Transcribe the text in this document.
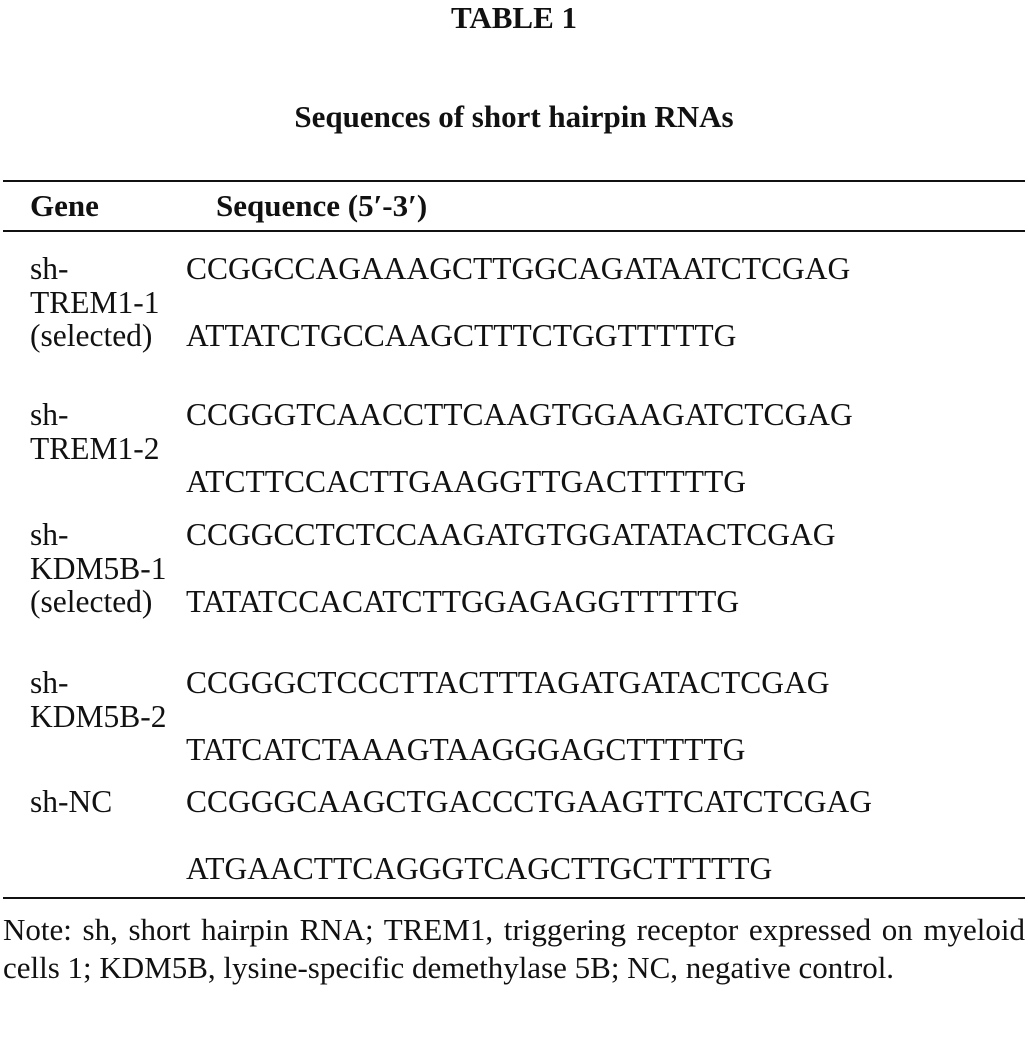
TABLE 1
Sequences of short hairpin RNAs
Gene	Sequence (5′-3′)
sh-
TREM1-1
(selected)
CCGGCCAGAAAGCTTGGCAGATAATCTCGAG
ATTATCTGCCAAGCTTTCTGGTTTTTG
sh-
TREM1-2
CCGGGTCAACCTTCAAGTGGAAGATCTCGAG
ATCTTCCACTTGAAGGTTGACTTTTTG
sh-
KDM5B-1
(selected)
CCGGCCTCTCCAAGATGTGGATATACTCGAG
TATATCCACATCTTGGAGAGGTTTTTG
sh-
KDM5B-2
CCGGGCTCCCTTACTTTAGATGATACTCGAG
TATCATCTAAAGTAAGGGAGCTTTTTG
sh-NC	CCGGGCAAGCTGACCCTGAAGTTCATCTCGAG
ATGAACTTCAGGGTCAGCTTGCTTTTTG
Note: sh, short hairpin RNA; TREM1, triggering receptor expressed on myeloid cells 1; KDM5B, lysine-specific demethylase 5B; NC, negative control.
